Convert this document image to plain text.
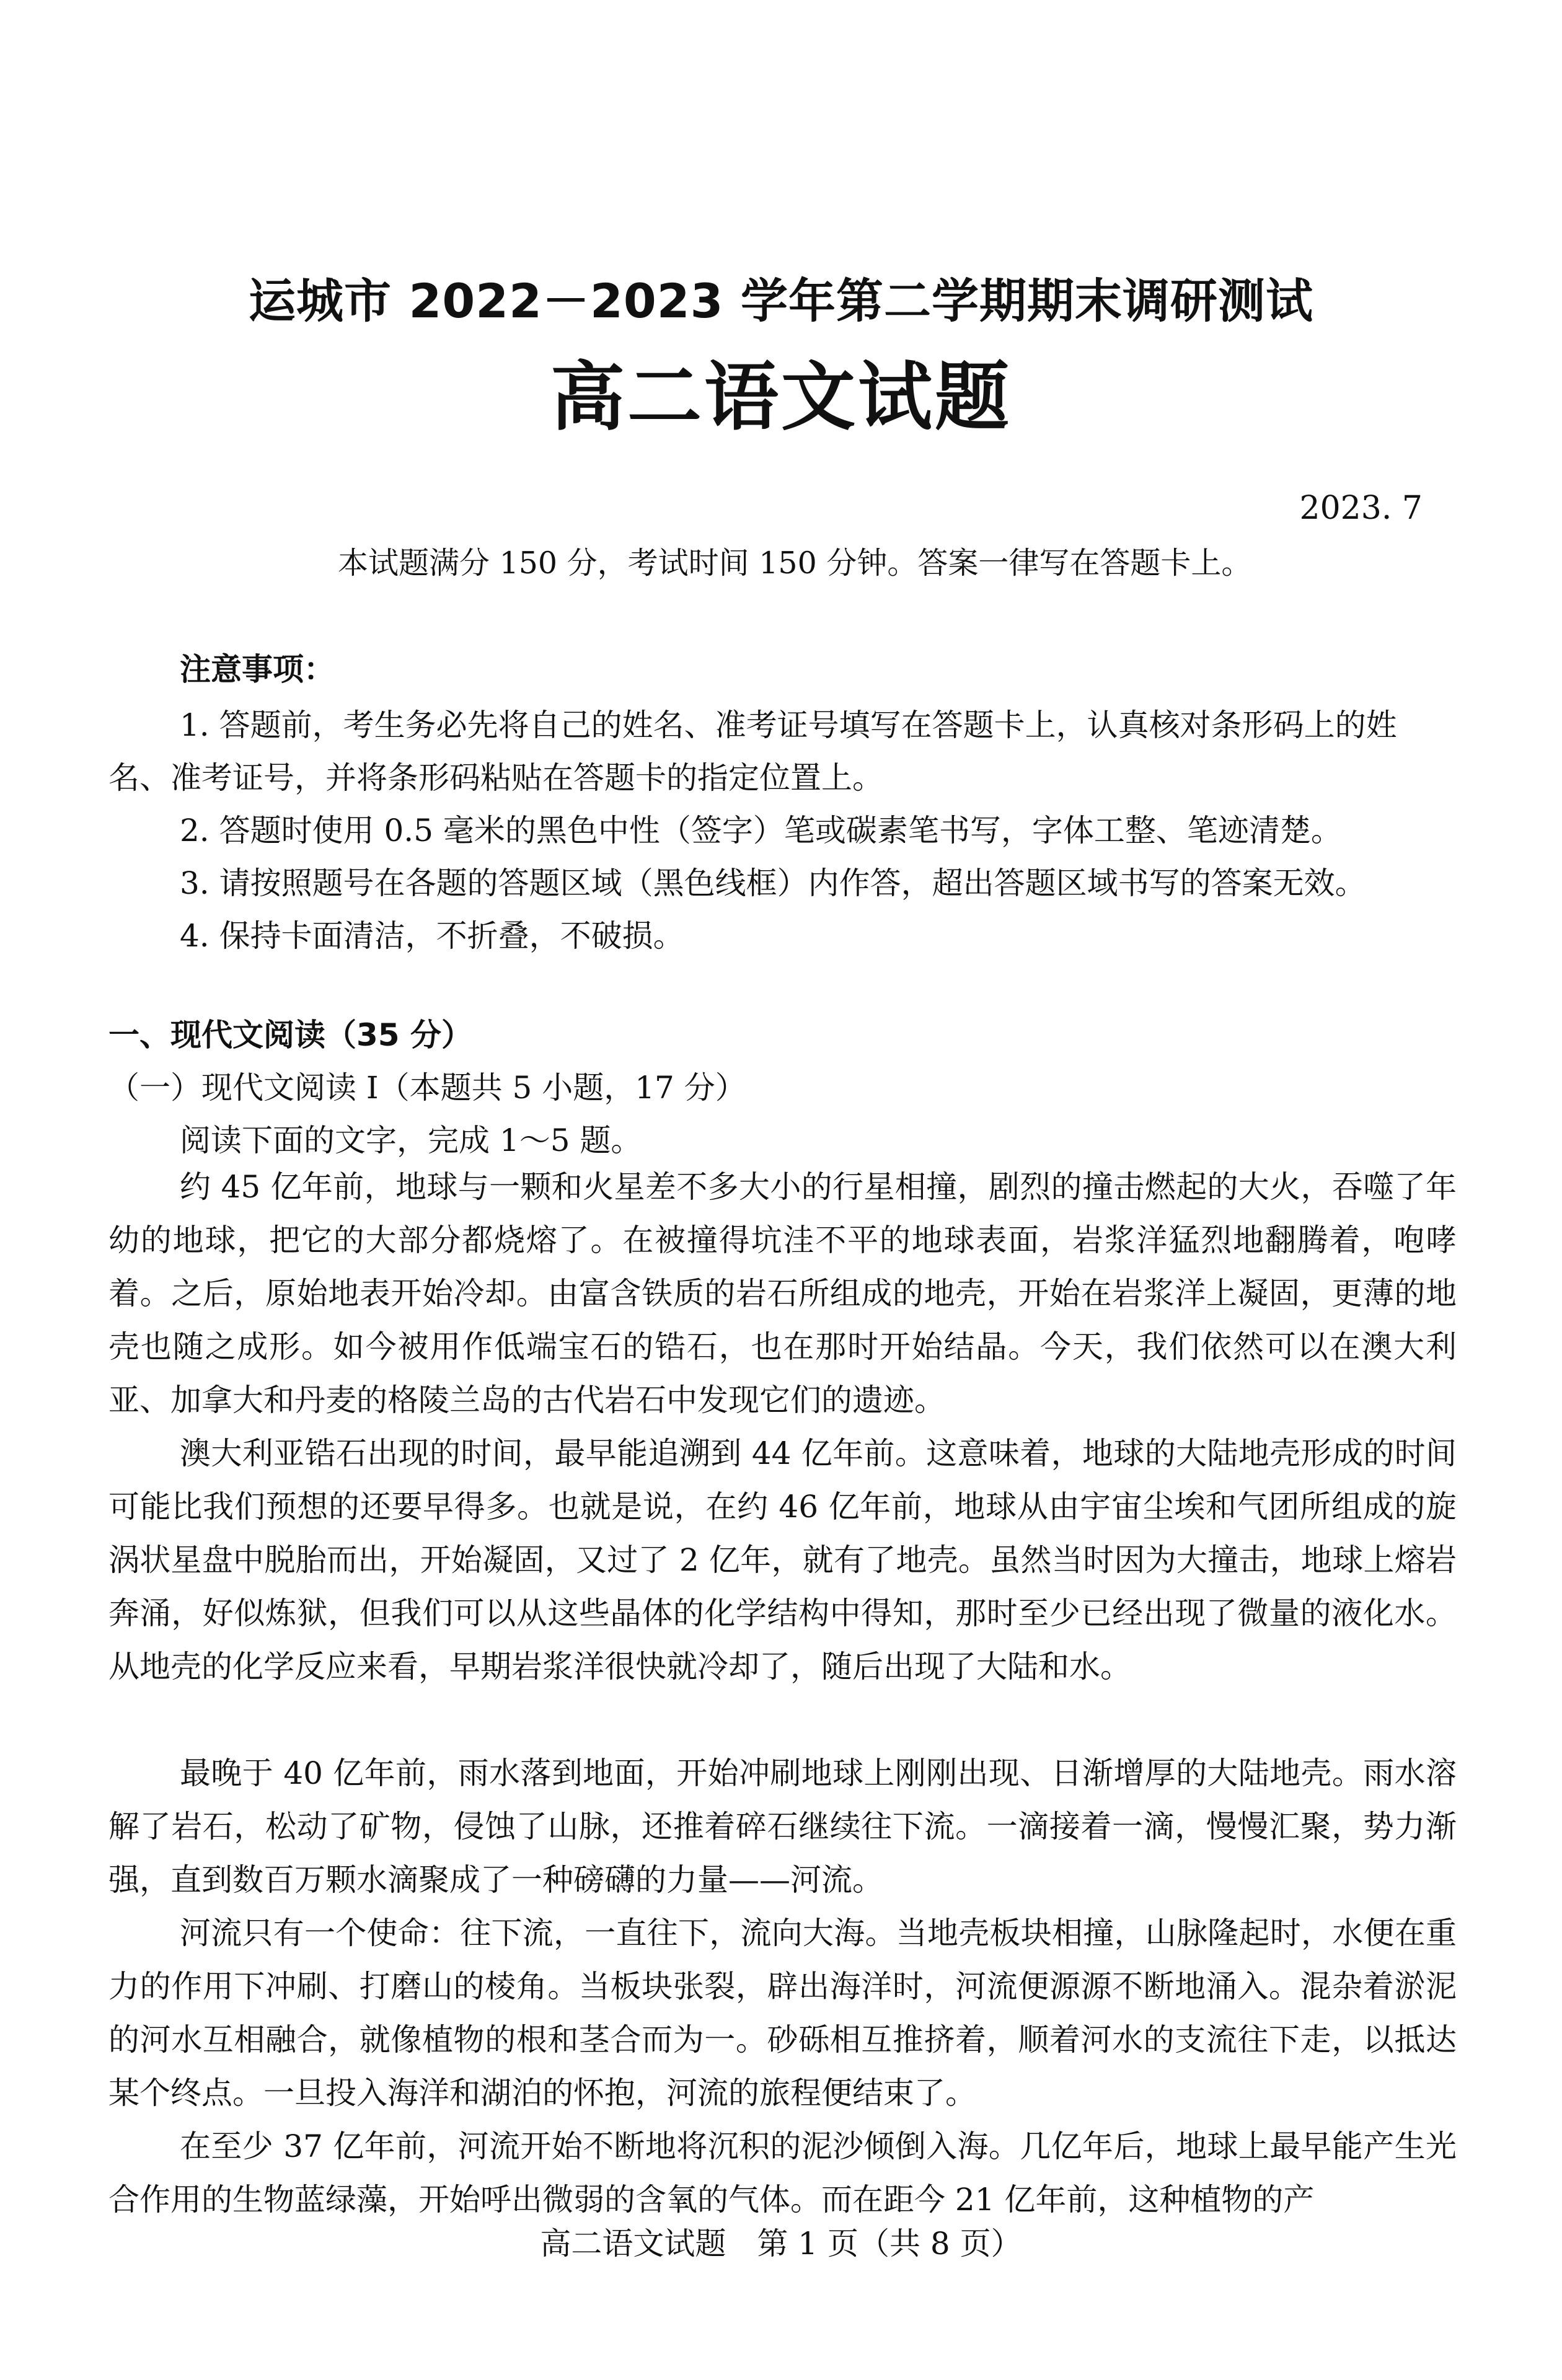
运城市 2022－2023 学年第二学期期末调研测试
高二语文试题
2023. 7
本试题满分 150 分，考试时间 150 分钟。答案一律写在答题卡上。
注意事项：
1. 答题前，考生务必先将自己的姓名、准考证号填写在答题卡上，认真核对条形码上的姓
名、准考证号，并将条形码粘贴在答题卡的指定位置上。
2. 答题时使用 0.5 毫米的黑色中性（签字）笔或碳素笔书写，字体工整、笔迹清楚。
3. 请按照题号在各题的答题区域（黑色线框）内作答，超出答题区域书写的答案无效。
4. 保持卡面清洁，不折叠，不破损。
一、现代文阅读（35 分）
（一）现代文阅读 I（本题共 5 小题，17 分）
阅读下面的文字，完成 1～5 题。
约 45 亿年前，地球与一颗和火星差不多大小的行星相撞，剧烈的撞击燃起的大火，吞噬了年幼的地球，把它的大部分都烧熔了。在被撞得坑洼不平的地球表面，岩浆洋猛烈地翻腾着，咆哮着。之后，原始地表开始冷却。由富含铁质的岩石所组成的地壳，开始在岩浆洋上凝固，更薄的地壳也随之成形。如今被用作低端宝石的锆石，也在那时开始结晶。今天，我们依然可以在澳大利亚、加拿大和丹麦的格陵兰岛的古代岩石中发现它们的遗迹。
澳大利亚锆石出现的时间，最早能追溯到 44 亿年前。这意味着，地球的大陆地壳形成的时间可能比我们预想的还要早得多。也就是说，在约 46 亿年前，地球从由宇宙尘埃和气团所组成的旋涡状星盘中脱胎而出，开始凝固，又过了 2 亿年，就有了地壳。虽然当时因为大撞击，地球上熔岩奔涌，好似炼狱，但我们可以从这些晶体的化学结构中得知，那时至少已经出现了微量的液化水。从地壳的化学反应来看，早期岩浆洋很快就冷却了，随后出现了大陆和水。
最晚于 40 亿年前，雨水落到地面，开始冲刷地球上刚刚出现、日渐增厚的大陆地壳。雨水溶解了岩石，松动了矿物，侵蚀了山脉，还推着碎石继续往下流。一滴接着一滴，慢慢汇聚，势力渐强，直到数百万颗水滴聚成了一种磅礴的力量——河流。
河流只有一个使命：往下流，一直往下，流向大海。当地壳板块相撞，山脉隆起时，水便在重力的作用下冲刷、打磨山的棱角。当板块张裂，辟出海洋时，河流便源源不断地涌入。混杂着淤泥的河水互相融合，就像植物的根和茎合而为一。砂砾相互推挤着，顺着河水的支流往下走，以抵达某个终点。一旦投入海洋和湖泊的怀抱，河流的旅程便结束了。
在至少 37 亿年前，河流开始不断地将沉积的泥沙倾倒入海。几亿年后，地球上最早能产生光合作用的生物蓝绿藻，开始呼出微弱的含氧的气体。而在距今 21 亿年前，这种植物的产
高二语文试题　第 1 页（共 8 页）
